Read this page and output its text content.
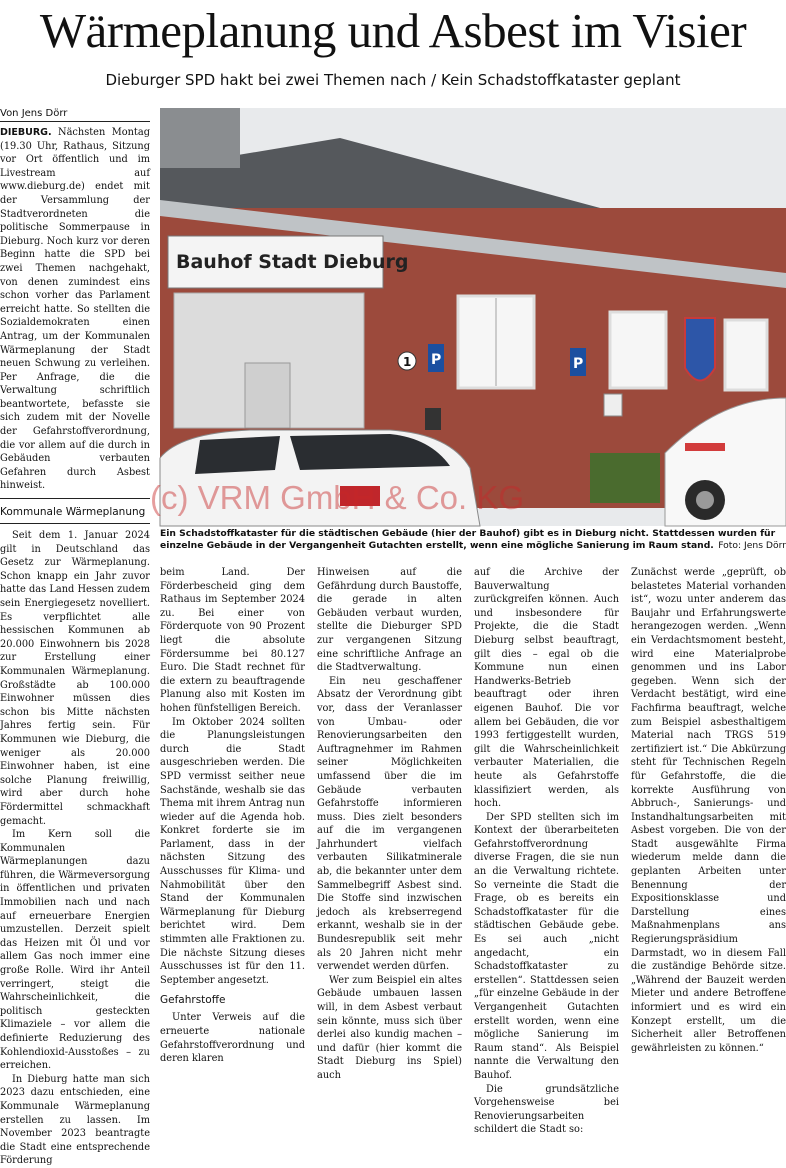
Wärmeplanung und Asbest im Visier
Dieburger SPD hakt bei zwei Themen nach / Kein Schadstoffkataster geplant
Von Jens Dörr

DIEBURG. Nächsten Montag (19.30 Uhr, Rathaus, Sitzung vor Ort öffentlich und im Livestream auf www.dieburg.de) endet mit der Versammlung der Stadtverordneten die politische Sommerpause in Dieburg. Noch kurz vor deren Beginn hatte die SPD bei zwei Themen nachgehakt, von denen zumindest eins schon vorher das Parlament erreicht hatte. So stellten die Sozialdemokraten einen Antrag, um der Kommunalen Wärmeplanung der Stadt neuen Schwung zu verleihen. Per Anfrage, die die Verwaltung schriftlich beantwortete, befasste sie sich zudem mit der Novelle der Gefahrstoffverordnung, die vor allem auf die durch in Gebäuden verbauten Gefahren durch Asbest hinweist.

Kommunale Wärmeplanung

Seit dem 1. Januar 2024 gilt in Deutschland das Gesetz zur Wärmeplanung. Schon knapp ein Jahr zuvor hatte das Land Hessen zudem sein Energiegesetz novelliert. Es verpflichtet alle hessischen Kommunen ab 20.000 Einwohnern bis 2028 zur Erstellung einer Kommunalen Wärmeplanung. Großstädte ab 100.000 Einwohner müssen dies schon bis Mitte nächsten Jahres fertig sein. Für Kommunen wie Dieburg, die weniger als 20.000 Einwohner haben, ist eine solche Planung freiwillig, wird aber durch hohe Fördermittel schmackhaft gemacht.

Im Kern soll die Kommunalen Wärmeplanungen dazu führen, die Wärmeversorgung in öffentlichen und privaten Immobilien nach und nach auf erneuerbare Energien umzustellen. Derzeit spielt das Heizen mit Öl und vor allem Gas noch immer eine große Rolle. Wird ihr Anteil verringert, steigt die Wahrscheinlichkeit, die politisch gesteckten Klimaziele – vor allem die definierte Reduzierung des Kohlendioxid-Ausstoßes – zu erreichen.

In Dieburg hatte man sich 2023 dazu entschieden, eine Kommunale Wärmeplanung erstellen zu lassen. Im November 2023 beantragte die Stadt eine entsprechende Förderung

Bauhof Stadt Dieburg
1 P	P
(c) VRM GmbH & Co. KG
Ein Schadstoffkataster für die städtischen Gebäude (hier der Bauhof) gibt es in Dieburg nicht. Stattdessen wurden für einzelne Gebäude in der Vergangenheit Gutachten erstellt, wenn eine mögliche Sanierung im Raum stand. Foto: Jens Dörr

beim Land. Der Förderbescheid ging dem Rathaus im September 2024 zu. Bei einer von Förderquote von 90 Prozent liegt die absolute Fördersumme bei 80.127 Euro. Die Stadt rechnet für die extern zu beauftragende Planung also mit Kosten im hohen fünfstelligen Bereich.

Im Oktober 2024 sollten die Planungsleistungen durch die Stadt ausgeschrieben werden. Die SPD vermisst seither neue Sachstände, weshalb sie das Thema mit ihrem Antrag nun wieder auf die Agenda hob. Konkret forderte sie im Parlament, dass in der nächsten Sitzung des Ausschusses für Klima- und Nahmobilität über den Stand der Kommunalen Wärmeplanung für Dieburg berichtet wird. Dem stimmten alle Fraktionen zu. Die nächste Sitzung dieses Ausschusses ist für den 11. September angesetzt.

Gefahrstoffe

Unter Verweis auf die erneuerte nationale Gefahrstoffverordnung und deren klaren

Hinweisen auf die Gefährdung durch Baustoffe, die gerade in alten Gebäuden verbaut wurden, stellte die Dieburger SPD zur vergangenen Sitzung eine schriftliche Anfrage an die Stadtverwaltung.

Ein neu geschaffener Absatz der Verordnung gibt vor, dass der Veranlasser von Umbau- oder Renovierungsarbeiten den Auftragnehmer im Rahmen seiner Möglichkeiten umfassend über die im Gebäude verbauten Gefahrstoffe informieren muss. Dies zielt besonders auf die im vergangenen Jahrhundert vielfach verbauten Silikatminerale ab, die bekannter unter dem Sammelbegriff Asbest sind. Die Stoffe sind inzwischen jedoch als krebserregend erkannt, weshalb sie in der Bundesrepublik seit mehr als 20 Jahren nicht mehr verwendet werden dürfen.

Wer zum Beispiel ein altes Gebäude umbauen lassen will, in dem Asbest verbaut sein könnte, muss sich über derlei also kundig machen – und dafür (hier kommt die Stadt Dieburg ins Spiel) auch

auf die Archive der Bauverwaltung zurückgreifen können. Auch und insbesondere für Projekte, die die Stadt Dieburg selbst beauftragt, gilt dies – egal ob die Kommune nun einen Handwerks-Betrieb beauftragt oder ihren eigenen Bauhof. Die vor allem bei Gebäuden, die vor 1993 fertiggestellt wurden, gilt die Wahrscheinlichkeit verbauter Materialien, die heute als Gefahrstoffe klassifiziert werden, als hoch.

Der SPD stellten sich im Kontext der überarbeiteten Gefahrstoffverordnung diverse Fragen, die sie nun an die Verwaltung richtete. So verneinte die Stadt die Frage, ob es bereits ein Schadstoffkataster für die städtischen Gebäude gebe. Es sei auch „nicht angedacht, ein Schadstoffkataster zu erstellen“. Stattdessen seien „für einzelne Gebäude in der Vergangenheit Gutachten erstellt worden, wenn eine mögliche Sanierung im Raum stand“. Als Beispiel nannte die Verwaltung den Bauhof.

Die grundsätzliche Vorgehensweise bei Renovierungsarbeiten schildert die Stadt so:

Zunächst werde „geprüft, ob belastetes Material vorhanden ist“, wozu unter anderem das Baujahr und Erfahrungswerte herangezogen werden. „Wenn ein Verdachtsmoment besteht, wird eine Materialprobe genommen und ins Labor gegeben. Wenn sich der Verdacht bestätigt, wird eine Fachfirma beauftragt, welche zum Beispiel asbesthaltigem Material nach TRGS 519 zertifiziert ist.“ Die Abkürzung steht für Technischen Regeln für Gefahrstoffe, die die korrekte Ausführung von Abbruch-, Sanierungs- und Instandhaltungsarbeiten mit Asbest vorgeben. Die von der Stadt ausgewählte Firma wiederum melde dann die geplanten Arbeiten unter Benennung der Expositionsklasse und Darstellung eines Maßnahmenplans ans Regierungspräsidium Darmstadt, wo in diesem Fall die zuständige Behörde sitze. „Während der Bauzeit werden Mieter und andere Betroffene informiert und es wird ein Konzept erstellt, um die Sicherheit aller Betroffenen gewährleisten zu können.“
